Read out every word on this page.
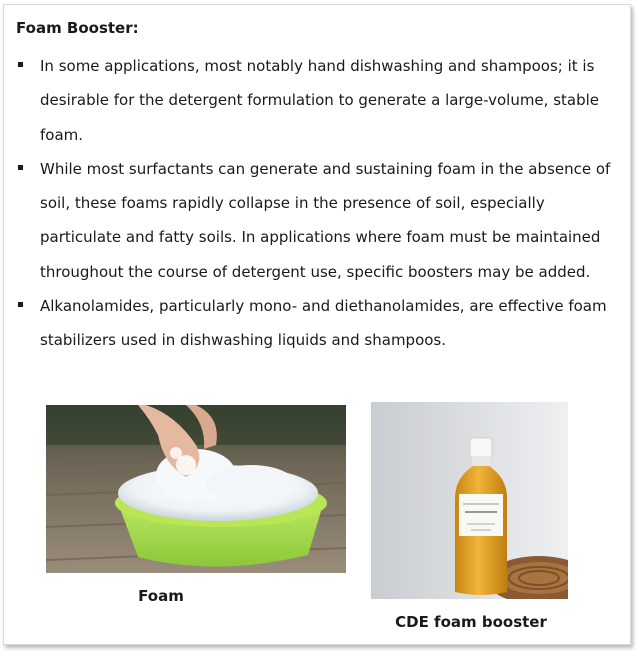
Foam Booster:
In some applications, most notably hand dishwashing and shampoos; it is desirable for the detergent formulation to generate a large-volume, stable foam.
While most surfactants can generate and sustaining foam in the absence of soil, these foams rapidly collapse in the presence of soil, especially particulate and fatty soils. In applications where foam must be maintained throughout the course of detergent use, specific boosters may be added.
Alkanolamides, particularly mono- and diethanolamides, are effective foam stabilizers used in dishwashing liquids and shampoos.

Foam

CDE foam booster
